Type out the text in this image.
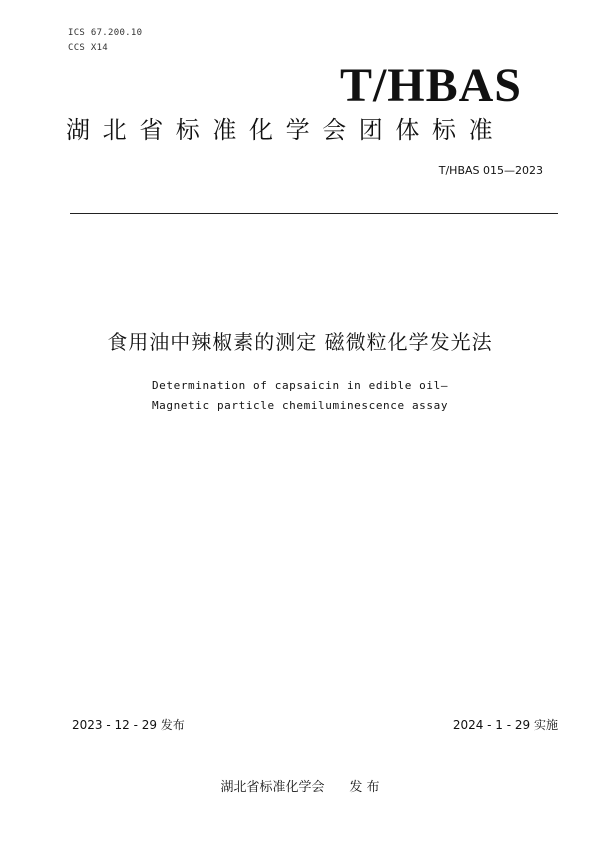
ICS 67.200.10
CCS X14
T/HBAS
湖北省标准化学会团体标准
T/HBAS 015—2023
食用油中辣椒素的测定 磁微粒化学发光法
Determination of capsaicin in edible oil—
Magnetic particle chemiluminescence assay
2023 - 12 - 29 发布	2024 - 1 - 29 实施
湖北省标准化学会      发 布
